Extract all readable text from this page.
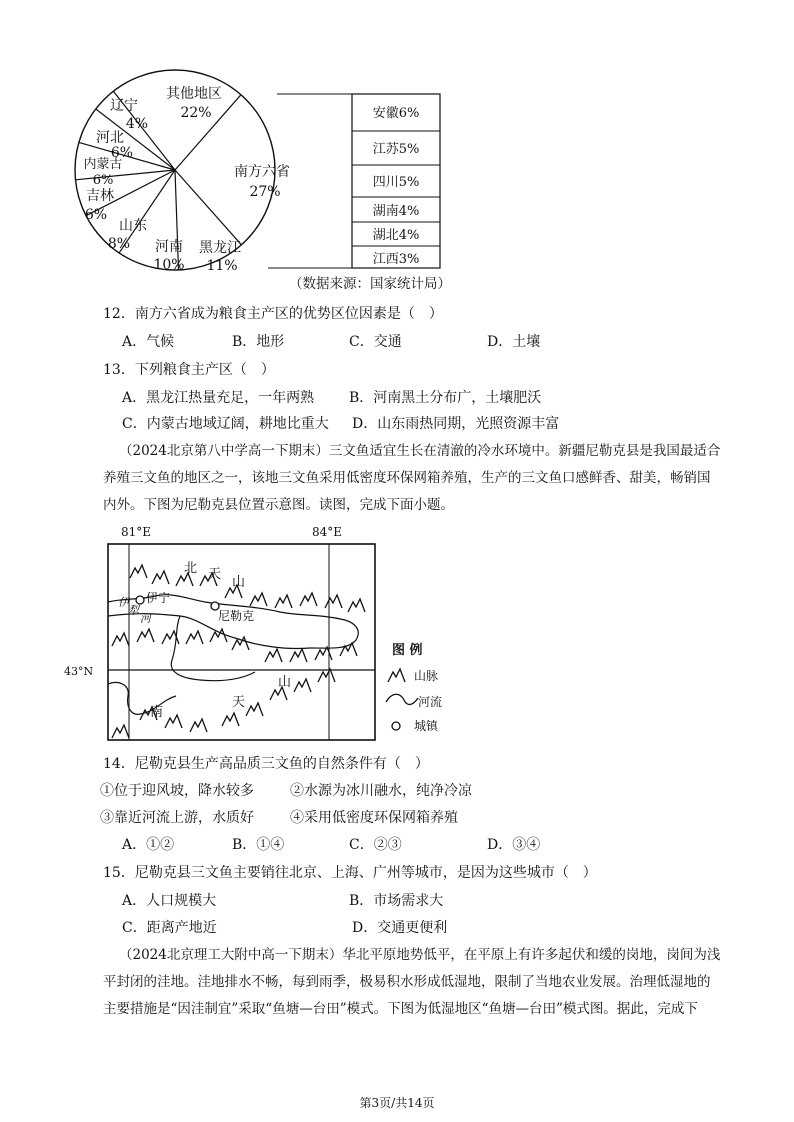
其他地区
22%
南方六省
27%
黑龙江
11%
河南
10%
山东
8%
吉林
6%
内蒙古
6%
河北
6%
辽宁
4%
安徽6%
江苏5%
四川5%
湖南4%
湖北4%
江西3%
（数据来源：国家统计局）
12．南方六省成为粮食主产区的优势区位因素是（　）
A．气候	B．地形	C．交通	D．土壤
13．下列粮食主产区（　）
A．黑龙江热量充足，一年两熟 B．河南黑土分布广，土壤肥沃
C．内蒙古地域辽阔，耕地比重大 D．山东雨热同期，光照资源丰富
（2024北京第八中学高一下期末）三文鱼适宜生长在清澈的冷水环境中。新疆尼勒克县是我国最适合养殖三文鱼的地区之一，该地三文鱼采用低密度环保网箱养殖，生产的三文鱼口感鲜香、甜美，畅销国内外。下图为尼勒克县位置示意图。读图，完成下面小题。
81°E	84°E
43°N
北 天
山
伊宁
尼勒克
伊
犁
河
南
天
山
图 例
山脉
河流
城镇
14．尼勒克县生产高品质三文鱼的自然条件有（　）
①位于迎风坡，降水较多	②水源为冰川融水，纯净冷凉
③靠近河流上游，水质好	④采用低密度环保网箱养殖
A．①②	B．①④	C．②③	D．③④
15．尼勒克县三文鱼主要销往北京、上海、广州等城市，是因为这些城市（　）
A．人口规模大	B．市场需求大
C．距离产地近	D．交通更便利
（2024北京理工大附中高一下期末）华北平原地势低平，在平原上有许多起伏和缓的岗地，岗间为浅平封闭的洼地。洼地排水不畅，每到雨季，极易积水形成低湿地，限制了当地农业发展。治理低湿地的主要措施是“因洼制宜”采取“鱼塘—台田”模式。下图为低湿地区“鱼塘—台田”模式图。据此，完成下
第3页/共14页
